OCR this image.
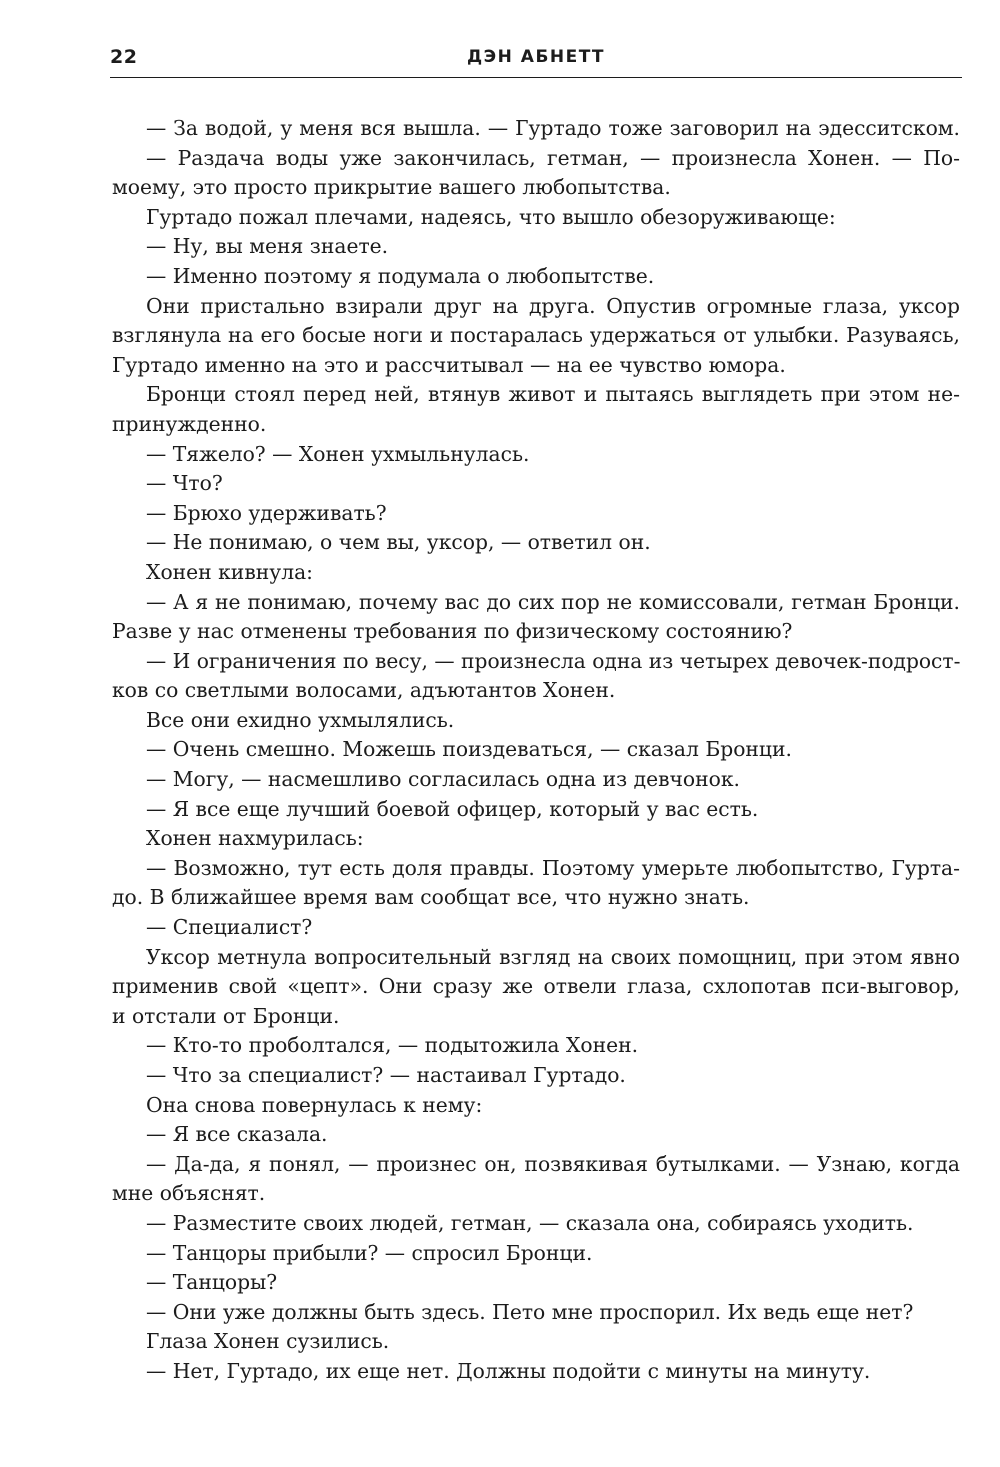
22	ДЭН АБНЕТТ
— За водой, у меня вся вышла. — Гуртадо тоже заговорил на эдесситском.
— Раздача воды уже закончилась, гетман, — произнесла Хонен. — По-
моему, это просто прикрытие вашего любопытства.
Гуртадо пожал плечами, надеясь, что вышло обезоруживающе:
— Ну, вы меня знаете.
— Именно поэтому я подумала о любопытстве.
Они пристально взирали друг на друга. Опустив огромные глаза, уксор
взглянула на его босые ноги и постаралась удержаться от улыбки. Разуваясь,
Гуртадо именно на это и рассчитывал — на ее чувство юмора.
Бронци стоял перед ней, втянув живот и пытаясь выглядеть при этом не-
принужденно.
— Тяжело? — Хонен ухмыльнулась.
— Что?
— Брюхо удерживать?
— Не понимаю, о чем вы, уксор, — ответил он.
Хонен кивнула:
— А я не понимаю, почему вас до сих пор не комиссовали, гетман Бронци.
Разве у нас отменены требования по физическому состоянию?
— И ограничения по весу, — произнесла одна из четырех девочек-подрост-
ков со светлыми волосами, адъютантов Хонен.
Все они ехидно ухмылялись.
— Очень смешно. Можешь поиздеваться, — сказал Бронци.
— Могу, — насмешливо согласилась одна из девчонок.
— Я все еще лучший боевой офицер, который у вас есть.
Хонен нахмурилась:
— Возможно, тут есть доля правды. Поэтому умерьте любопытство, Гурта-
до. В ближайшее время вам сообщат все, что нужно знать.
— Специалист?
Уксор метнула вопросительный взгляд на своих помощниц, при этом явно
применив свой «цепт». Они сразу же отвели глаза, схлопотав пси-выговор,
и отстали от Бронци.
— Кто-то проболтался, — подытожила Хонен.
— Что за специалист? — настаивал Гуртадо.
Она снова повернулась к нему:
— Я все сказала.
— Да-да, я понял, — произнес он, позвякивая бутылками. — Узнаю, когда
мне объяснят.
— Разместите своих людей, гетман, — сказала она, собираясь уходить.
— Танцоры прибыли? — спросил Бронци.
— Танцоры?
— Они уже должны быть здесь. Пето мне проспорил. Их ведь еще нет?
Глаза Хонен сузились.
— Нет, Гуртадо, их еще нет. Должны подойти с минуты на минуту.
